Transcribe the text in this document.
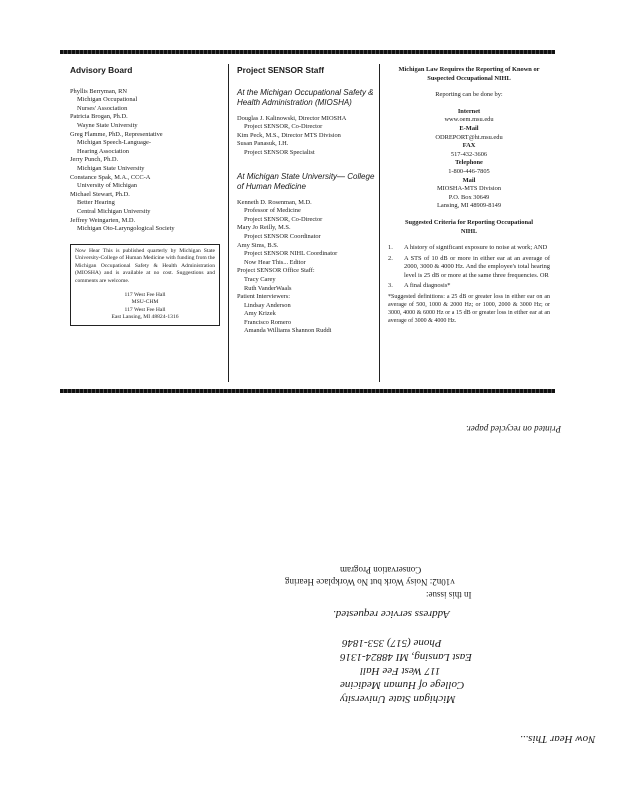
Advisory Board

Phyllis Berryman, RN

Michigan Occupational

Nurses' Association

Patricia Brogan, Ph.D.

Wayne State University

Greg Flamme, PhD., Representative

Michigan Speech-Language-

Hearing Association

Jerry Punch, Ph.D.

Michigan State University

Constance Spak, M.A., CCC-A

University of Michigan

Michael Stewart, Ph.D.

Better Hearing

Central Michigan University

Jeffrey Weingarten, M.D.

Michigan Oto-Laryngological Society

Now Hear This is published quarterly by Michigan State University-College of Human Medicine with funding from the Michigan Occupational Safety & Health Administration (MIOSHA) and is available at no cost. Suggestions and comments are welcome.
117 West Fee Hall
MSU-CHM
117 West Fee Hall
East Lansing, MI 48824-1316

Project SENSOR Staff

At the Michigan Occupational Safety & Health Administration (MIOSHA)

Douglas J. Kalinowski, Director MIOSHA

Project SENSOR, Co-Director

Kim Peck, M.S., Director MTS Division

Susan Panasuk, I.H.

Project SENSOR Specialist

At Michigan State University— College of Human Medicine

Kenneth D. Rosenman, M.D.

Professor of Medicine

Project SENSOR, Co-Director

Mary Jo Reilly, M.S.

Project SENSOR Coordinator

Amy Sims, B.S.

Project SENSOR NIHL Coordinator

Now Hear This... Editor

Project SENSOR Office Staff:

Tracy Carey

Ruth VanderWaals

Patient Interviewers:

Lindsay Anderson

Amy Krizek

Francisco Romero

Amanda Williams Shannon Ruddi

Michigan Law Requires the Reporting of Known or Suspected Occupational NIHL

Reporting can be done by:

Internet
www.oem.msu.edu
E-Mail
ODREPORT@ht.msu.edu
FAX
517-432-3606
Telephone
1-800-446-7805
Mail
MIOSHA-MTS Division
P.O. Box 30649
Lansing, MI 48909-8149

Suggested Criteria for Reporting Occupational NIHL

1.	A history of significant exposure to noise at work; AND
2.	A STS of 10 dB or more in either ear at an average of 2000, 3000 & 4000 Hz. And the employee's total hearing level is 25 dB or more at the same three frequencies. OR
3.	A final diagnosis*

*Suggested definitions: a 25 dB or greater loss in either ear on an average of 500, 1000 & 2000 Hz; or 1000, 2000 & 3000 Hz; or 3000, 4000 & 6000 Hz or a 15 dB or greater loss in either ear at an average of 3000 & 4000 Hz.

Printed on recycled paper.
In this issue:
v10n2: Noisy Work but No Workplace Hearing
Conservation Program
Address service requested.
Phone (517) 353-1846
East Lansing, MI 48824-1316
117 West Fee Hall
College of Human Medicine
Michigan State University
Now Hear This...
